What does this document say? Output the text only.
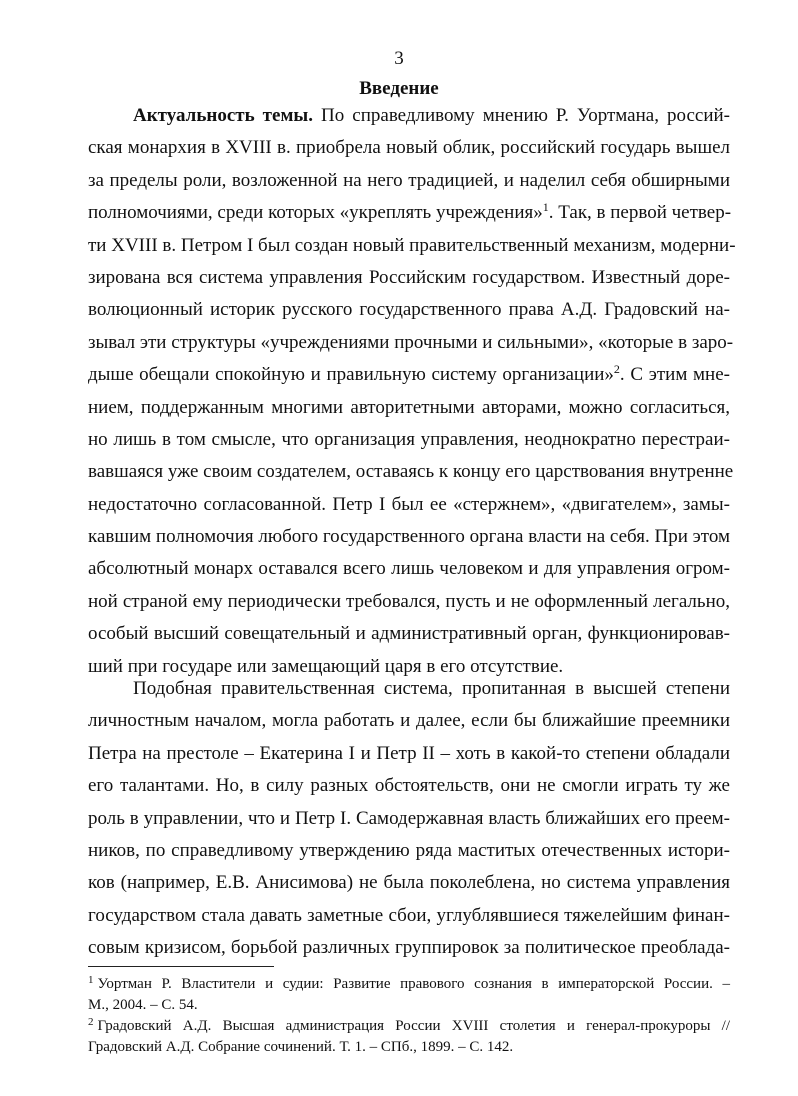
3
Введение
Актуальность темы. По справедливому мнению Р. Уортмана, россий-
ская монархия в XVIII в. приобрела новый облик, российский государь вышел
за пределы роли, возложенной на него традицией, и наделил себя обширными
полномочиями, среди которых «укреплять учреждения»$^1$. Так, в первой четвер-
ти XVIII в. Петром I был создан новый правительственный механизм, модерни-
зирована вся система управления Российским государством. Известный доре-
волюционный историк русского государственного права А.Д. Градовский на-
зывал эти структуры «учреждениями прочными и сильными», «которые в заро-
дыше обещали спокойную и правильную систему организации»$^2$. С этим мне-
нием, поддержанным многими авторитетными авторами, можно согласиться,
но лишь в том смысле, что организация управления, неоднократно перестраи-
вавшаяся уже своим создателем, оставаясь к концу его царствования внутренне
недостаточно согласованной. Петр I был ее «стержнем», «двигателем», замы-
кавшим полномочия любого государственного органа власти на себя. При этом
абсолютный монарх оставался всего лишь человеком и для управления огром-
ной страной ему периодически требовался, пусть и не оформленный легально,
особый высший совещательный и административный орган, функционировав-
ший при государе или замещающий царя в его отсутствие.
Подобная правительственная система, пропитанная в высшей степени
личностным началом, могла работать и далее, если бы ближайшие преемники
Петра на престоле – Екатерина I и Петр II – хоть в какой-то степени обладали
его талантами. Но, в силу разных обстоятельств, они не смогли играть ту же
роль в управлении, что и Петр I. Самодержавная власть ближайших его преем-
ников, по справедливому утверждению ряда маститых отечественных истори-
ков (например, Е.В. Анисимова) не была поколеблена, но система управления
государством стала давать заметные сбои, углублявшиеся тяжелейшим финан-
совым кризисом, борьбой различных группировок за политическое преоблада-
$^1$ Уортман Р. Властители и судии: Развитие правового сознания в императорской России. –
М., 2004. – С. 54.
$^2$ Градовский А.Д. Высшая администрация России XVIII столетия и генерал-прокуроры //
Градовский А.Д. Собрание сочинений. Т. 1. – СПб., 1899. – С. 142.
